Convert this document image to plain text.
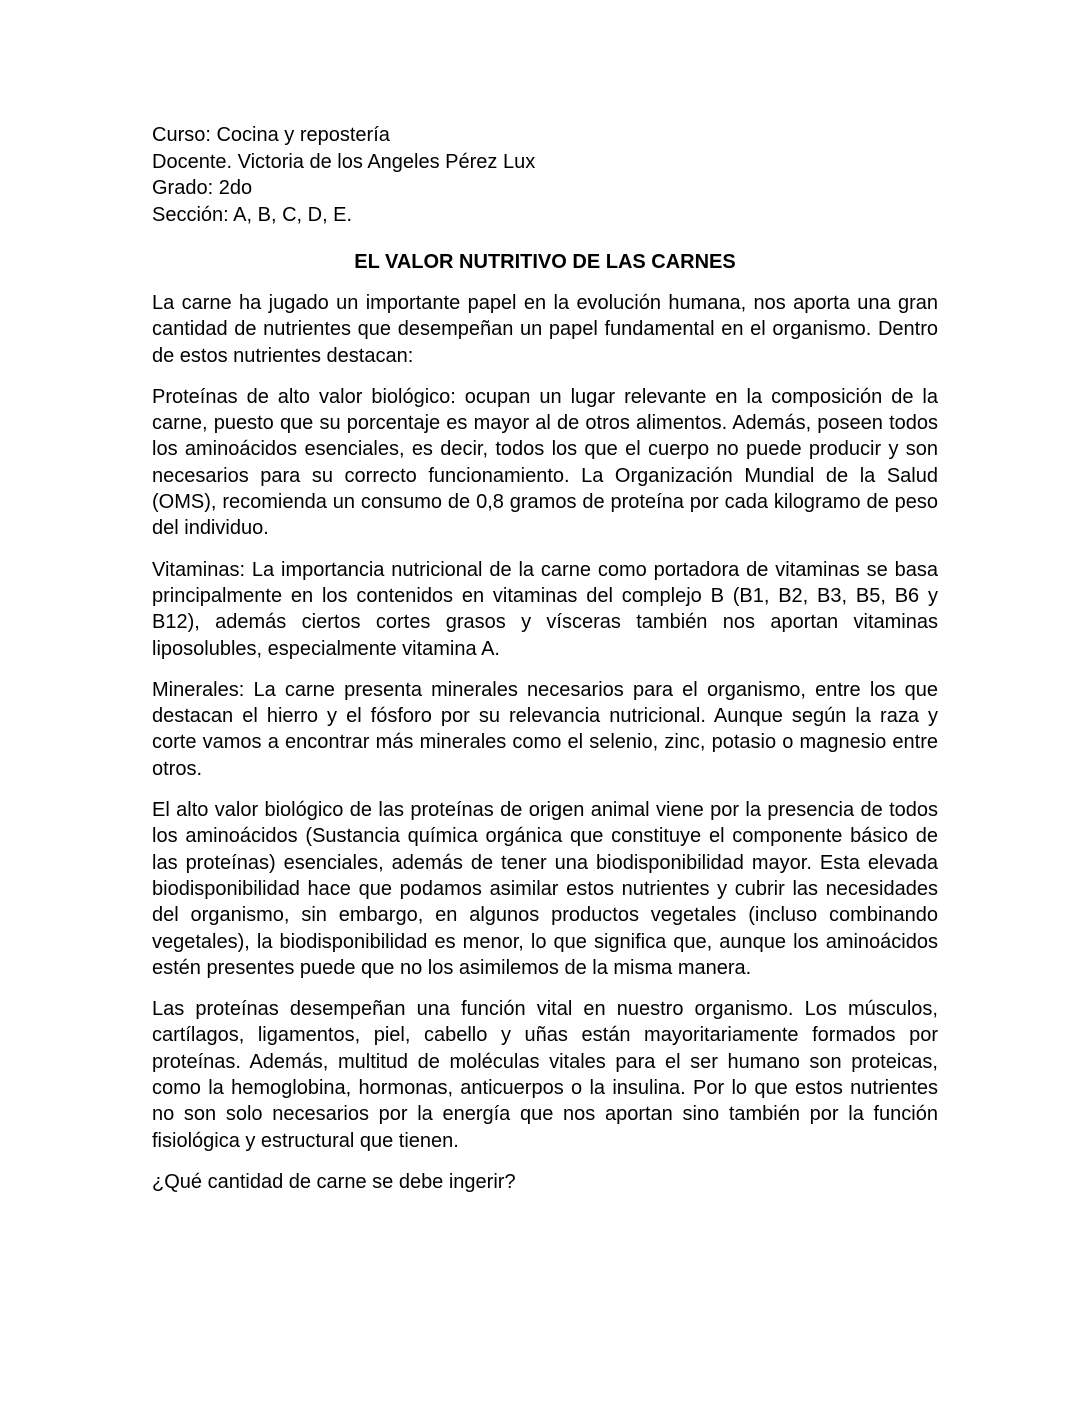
Curso: Cocina y repostería

Docente. Victoria de los Angeles Pérez Lux

Grado: 2do

Sección: A, B, C, D, E.

EL VALOR NUTRITIVO DE LAS CARNES

La carne ha jugado un importante papel en la evolución humana, nos aporta una gran cantidad de nutrientes que desempeñan un papel fundamental en el organismo. Dentro de estos nutrientes destacan:

Proteínas de alto valor biológico: ocupan un lugar relevante en la composición de la carne, puesto que su porcentaje es mayor al de otros alimentos. Además, poseen todos los aminoácidos esenciales, es decir, todos los que el cuerpo no puede producir y son necesarios para su correcto funcionamiento. La Organización Mundial de la Salud (OMS), recomienda un consumo de 0,8 gramos de proteína por cada kilogramo de peso del individuo.

Vitaminas: La importancia nutricional de la carne como portadora de vitaminas se basa principalmente en los contenidos en vitaminas del complejo B (B1, B2, B3, B5, B6 y B12), además ciertos cortes grasos y vísceras también nos aportan vitaminas liposolubles, especialmente vitamina A.

Minerales: La carne presenta minerales necesarios para el organismo, entre los que destacan el hierro y el fósforo por su relevancia nutricional. Aunque según la raza y corte vamos a encontrar más minerales como el selenio, zinc, potasio o magnesio entre otros.

El alto valor biológico de las proteínas de origen animal viene por la presencia de todos los aminoácidos (Sustancia química orgánica que constituye el componente básico de las proteínas) esenciales, además de tener una biodisponibilidad mayor. Esta elevada biodisponibilidad hace que podamos asimilar estos nutrientes y cubrir las necesidades del organismo, sin embargo, en algunos productos vegetales (incluso combinando vegetales), la biodisponibilidad es menor, lo que significa que, aunque los aminoácidos estén presentes puede que no los asimilemos de la misma manera.

Las proteínas desempeñan una función vital en nuestro organismo. Los músculos, cartílagos, ligamentos, piel, cabello y uñas están mayoritariamente formados por proteínas. Además, multitud de moléculas vitales para el ser humano son proteicas, como la hemoglobina, hormonas, anticuerpos o la insulina. Por lo que estos nutrientes no son solo necesarios por la energía que nos aportan sino también por la función fisiológica y estructural que tienen.

¿Qué cantidad de carne se debe ingerir?
